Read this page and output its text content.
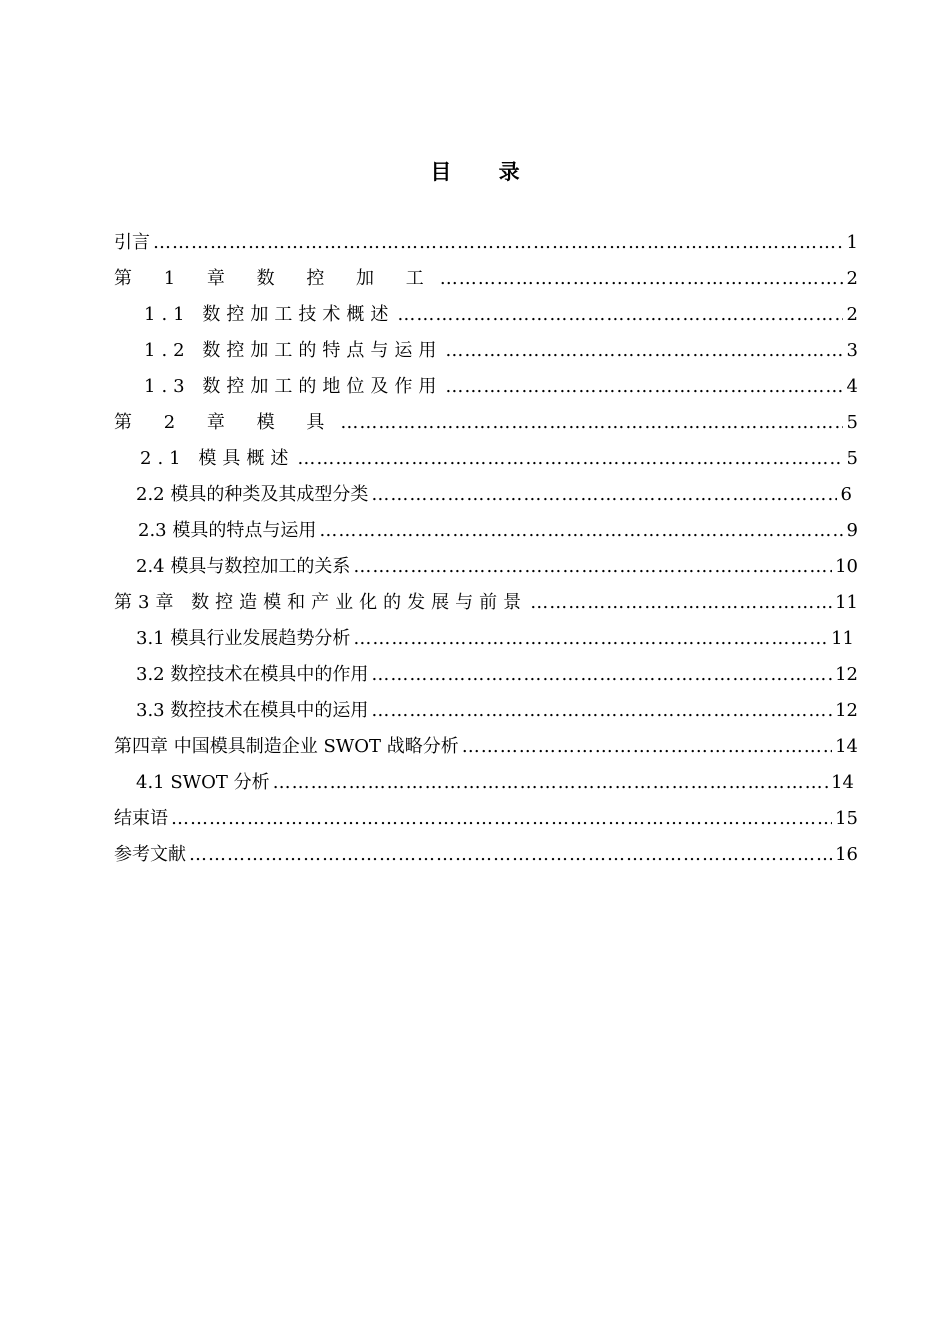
目 录
引言 ……………………………………………………………………………………………………………………………………………………………………………………	1
第 1 章 数 控 加 工 ……………………………………………………………………………………………………………………………………………………………………………………	2
1.1 数控加工技术概述 ……………………………………………………………………………………………………………………………………………………………………………………	2
1.2 数控加工的特点与运用 ……………………………………………………………………………………………………………………………………………………………………………………	3
1.3 数控加工的地位及作用 ……………………………………………………………………………………………………………………………………………………………………………………	4
第 2 章 模 具 ……………………………………………………………………………………………………………………………………………………………………………………	5
2.1 模具概述 ……………………………………………………………………………………………………………………………………………………………………………………	5
2.2 模具的种类及其成型分类 ……………………………………………………………………………………………………………………………………………………………………………………	6
2.3 模具的特点与运用 ……………………………………………………………………………………………………………………………………………………………………………………	9
2.4 模具与数控加工的关系 ……………………………………………………………………………………………………………………………………………………………………………………	10
第3章 数控造模和产业化的发展与前景 ……………………………………………………………………………………………………………………………………………………………………………………	11
3.1 模具行业发展趋势分析 ……………………………………………………………………………………………………………………………………………………………………………………	11
3.2 数控技术在模具中的作用 ……………………………………………………………………………………………………………………………………………………………………………………	12
3.3 数控技术在模具中的运用 ……………………………………………………………………………………………………………………………………………………………………………………	12
第四章 中国模具制造企业 SWOT 战略分析 ……………………………………………………………………………………………………………………………………………………………………………………	14
4.1 SWOT 分析 ……………………………………………………………………………………………………………………………………………………………………………………	14
结束语 ……………………………………………………………………………………………………………………………………………………………………………………	15
参考文献 ……………………………………………………………………………………………………………………………………………………………………………………	16
